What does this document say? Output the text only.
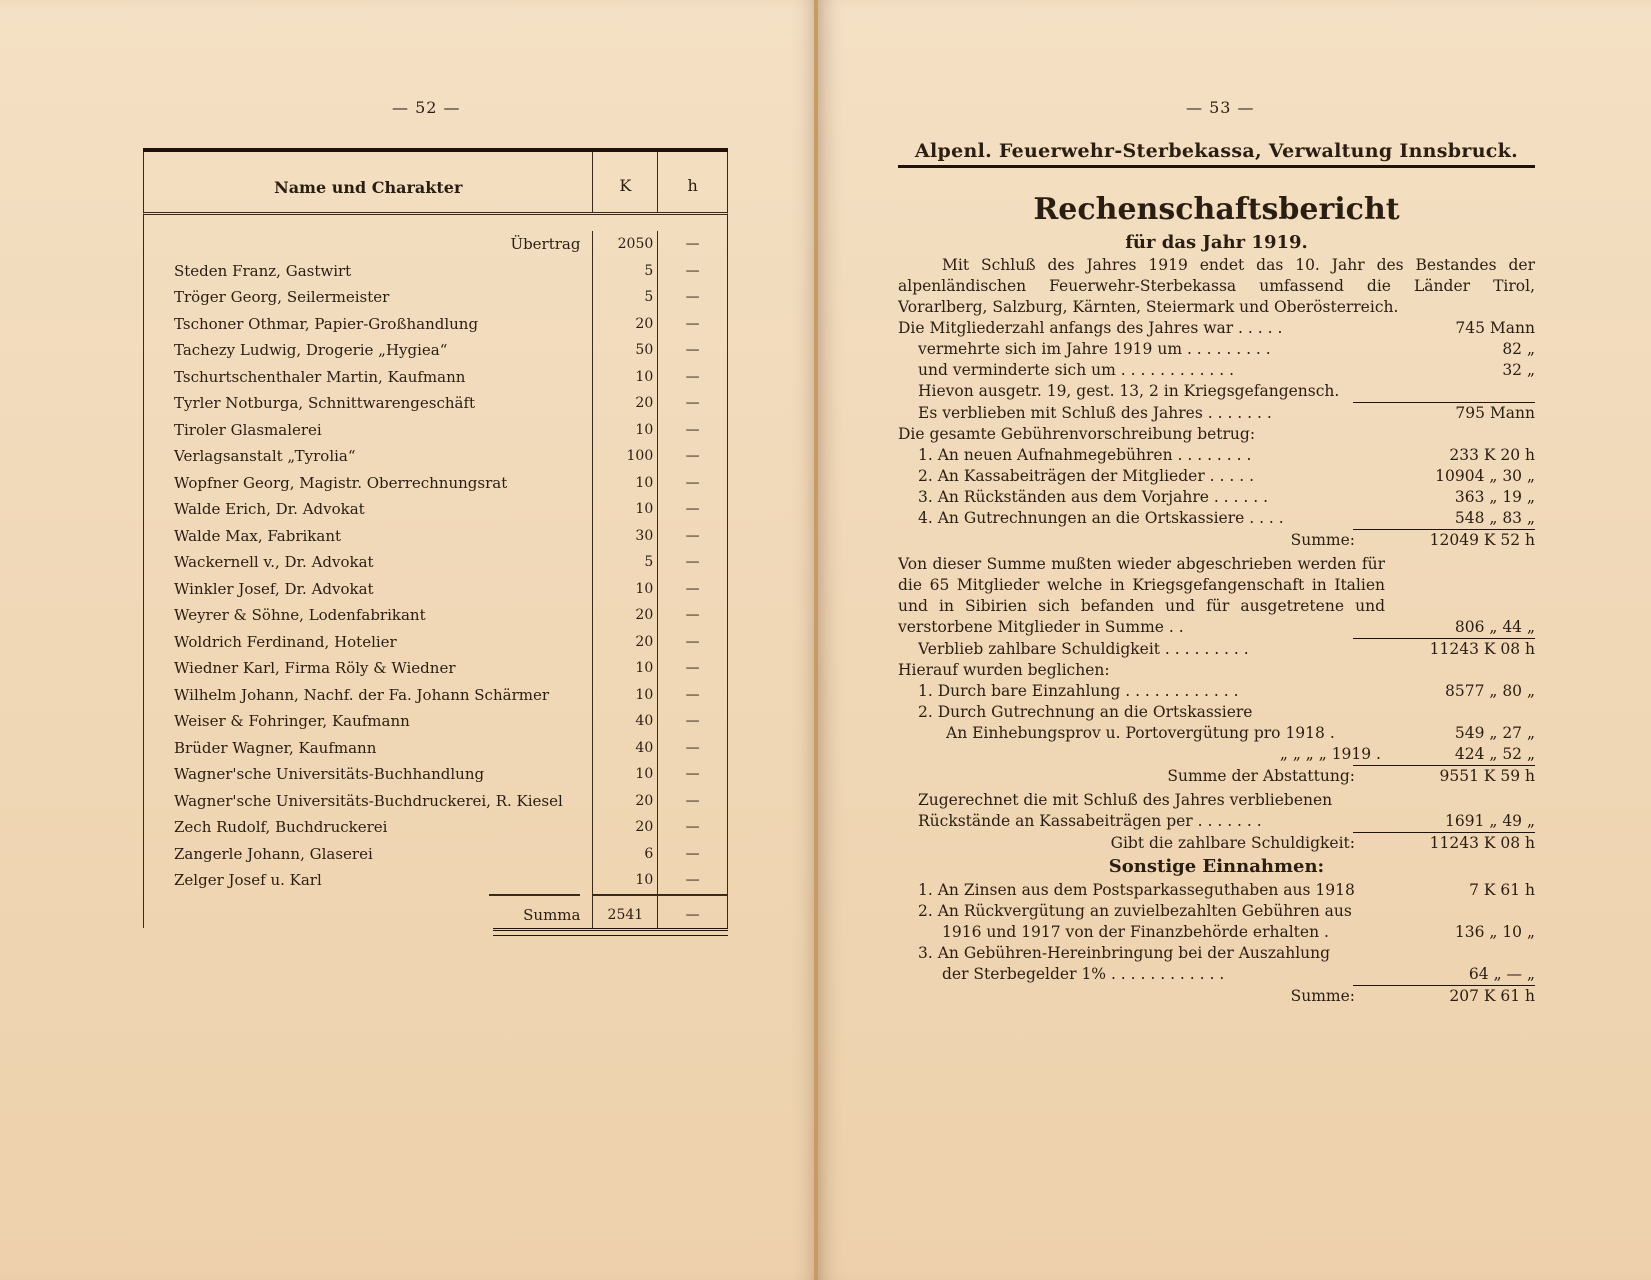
— 52 —
Name und Charakter	K	h
Übertrag	2050	—
Steden Franz, Gastwirt	5	—
Tröger Georg, Seilermeister	5	—
Tschoner Othmar, Papier-Großhandlung	20	—
Tachezy Ludwig, Drogerie „Hygiea“	50	—
Tschurtschenthaler Martin, Kaufmann	10	—
Tyrler Notburga, Schnittwarengeschäft	20	—
Tiroler Glasmalerei	10	—
Verlagsanstalt „Tyrolia“	100	—
Wopfner Georg, Magistr. Oberrechnungsrat	10	—
Walde Erich, Dr. Advokat	10	—
Walde Max, Fabrikant	30	—
Wackernell v., Dr. Advokat	5	—
Winkler Josef, Dr. Advokat	10	—
Weyrer & Söhne, Lodenfabrikant	20	—
Woldrich Ferdinand, Hotelier	20	—
Wiedner Karl, Firma Röly & Wiedner	10	—
Wilhelm Johann, Nachf. der Fa. Johann Schärmer	10	—
Weiser & Fohringer, Kaufmann	40	—
Brüder Wagner, Kaufmann	40	—
Wagner'sche Universitäts-Buchhandlung	10	—
Wagner'sche Universitäts-Buchdruckerei, R. Kiesel	20	—
Zech Rudolf, Buchdruckerei	20	—
Zangerle Johann, Glaserei	6	—
Zelger Josef u. Karl	10	—
Summa	2541	—
— 53 —
Alpenl. Feuerwehr-Sterbekassa, Verwaltung Innsbruck.
Rechenschaftsbericht
für das Jahr 1919.
Mit Schluß des Jahres 1919 endet das 10. Jahr des Bestandes der alpenländischen Feuerwehr-Sterbekassa umfassend die Länder Tirol, Vorarlberg, Salzburg, Kärnten, Steiermark und Oberösterreich.
Die Mitgliederzahl anfangs des Jahres war . . . . .	745 Mann
vermehrte sich im Jahre 1919 um . . . . . . . . .	82 „
und verminderte sich um . . . . . . . . . . . .	32 „
Hievon ausgetr. 19, gest. 13, 2 in Kriegsgefangensch.
Es verblieben mit Schluß des Jahres . . . . . . .	795 Mann
Die gesamte Gebührenvorschreibung betrug:
1. An neuen Aufnahmegebühren . . . . . . . .	233 K 20 h
2. An Kassabeiträgen der Mitglieder . . . . .	10904 „ 30 „
3. An Rückständen aus dem Vorjahre . . . . . .	363 „ 19 „
4. An Gutrechnungen an die Ortskassiere . . . .	548 „ 83 „
Summe:	12049 K 52 h
Von dieser Summe mußten wieder abgeschrieben werden für die 65 Mitglieder welche in Kriegsgefangenschaft in Italien und in Sibirien sich befanden und für ausgetretene und verstorbene Mitglieder in Summe . .	806 „ 44 „
Verblieb zahlbare Schuldigkeit . . . . . . . . .	11243 K 08 h
Hierauf wurden beglichen:
1. Durch bare Einzahlung . . . . . . . . . . . .	8577 „ 80 „
2. Durch Gutrechnung an die Ortskassiere
An Einhebungsprov u. Portovergütung pro 1918 .	549 „ 27 „
„ „ „ „ 1919 .	424 „ 52 „
Summe der Abstattung:	9551 K 59 h
Zugerechnet die mit Schluß des Jahres verbliebenen
Rückstände an Kassabeiträgen per . . . . . . .	1691 „ 49 „
Gibt die zahlbare Schuldigkeit:	11243 K 08 h
Sonstige Einnahmen:
1. An Zinsen aus dem Postsparkasseguthaben aus 1918	7 K 61 h
2. An Rückvergütung an zuvielbezahlten Gebühren aus
1916 und 1917 von der Finanzbehörde erhalten .	136 „ 10 „
3. An Gebühren-Hereinbringung bei der Auszahlung
der Sterbegelder 1% . . . . . . . . . . . .	64 „ — „
Summe:	207 K 61 h
